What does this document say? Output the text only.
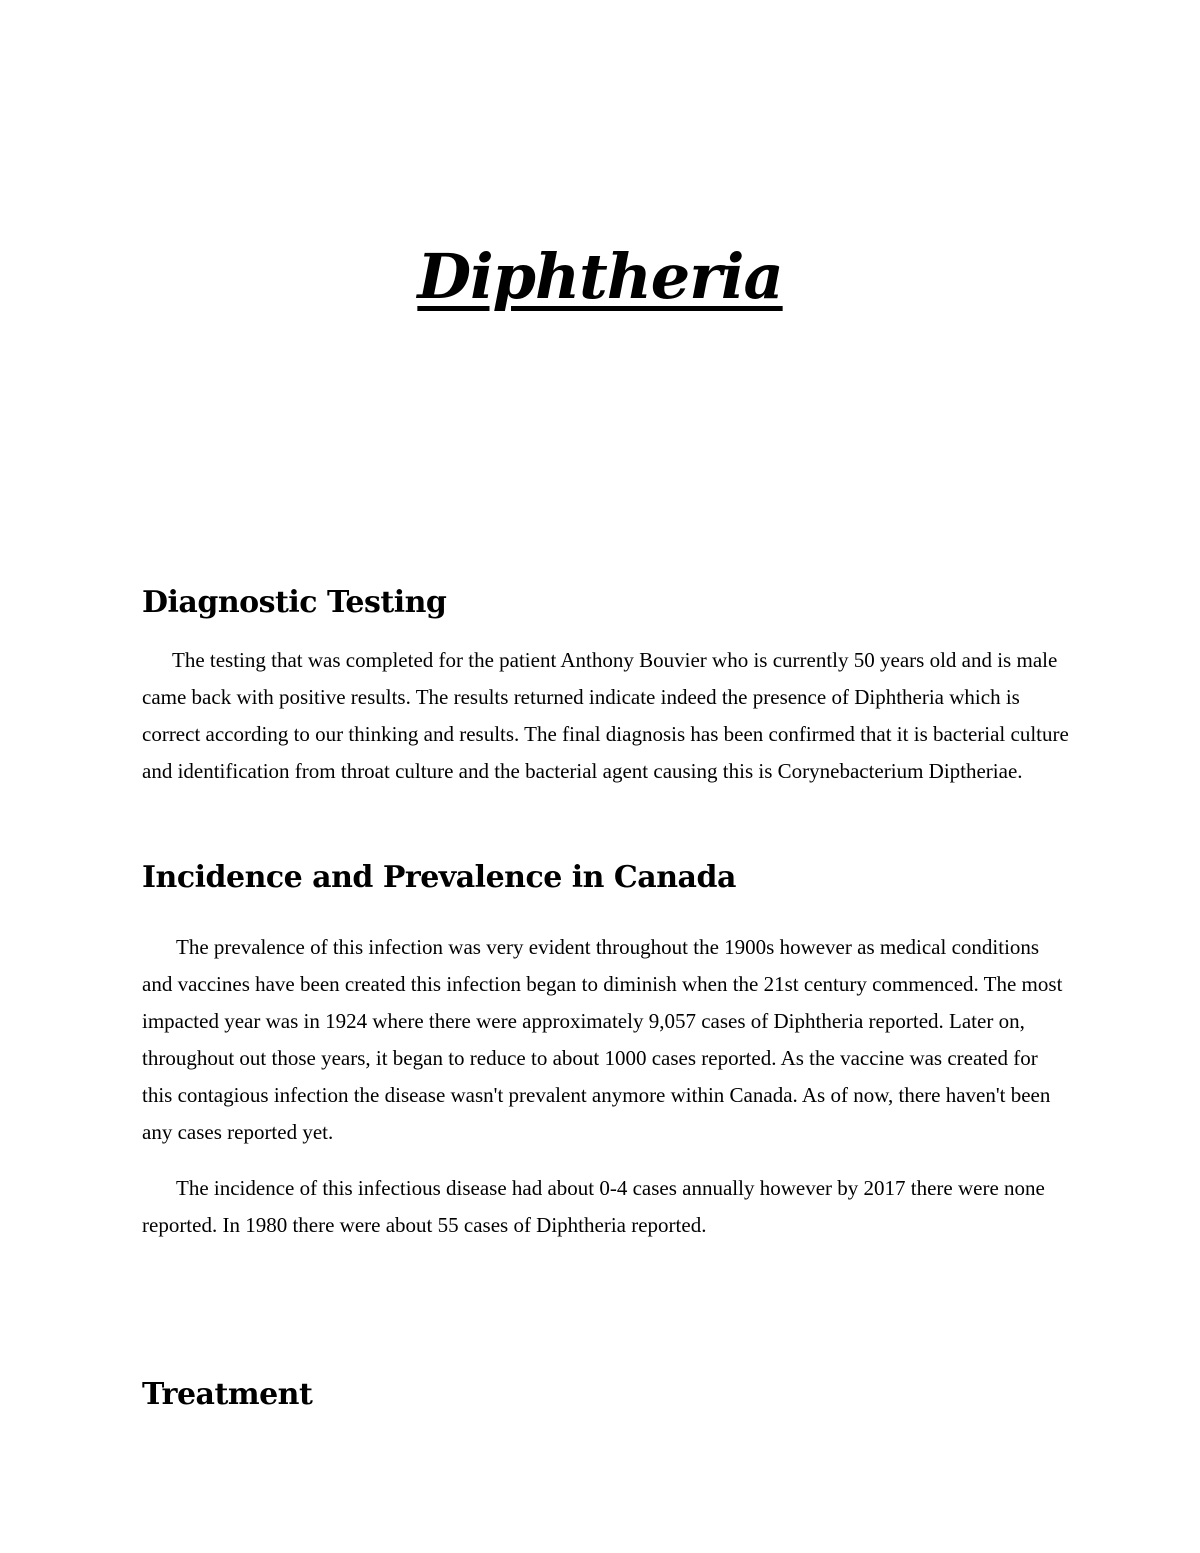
Diphtheria
Diagnostic Testing

The testing that was completed for the patient Anthony Bouvier who is currently 50 years old and is male came back with positive results. The results returned indicate indeed the presence of Diphtheria which is correct according to our thinking and results. The final diagnosis has been confirmed that it is bacterial culture and identification from throat culture and the bacterial agent causing this is Corynebacterium Diptheriae.

Incidence and Prevalence in Canada

The prevalence of this infection was very evident throughout the 1900s however as medical conditions and vaccines have been created this infection began to diminish when the 21st century commenced. The most impacted year was in 1924 where there were approximately 9,057 cases of Diphtheria reported. Later on, throughout out those years, it began to reduce to about 1000 cases reported. As the vaccine was created for this contagious infection the disease wasn't prevalent anymore within Canada. As of now, there haven't been any cases reported yet.

The incidence of this infectious disease had about 0-4 cases annually however by 2017 there were none reported. In 1980 there were about 55 cases of Diphtheria reported.

Treatment
